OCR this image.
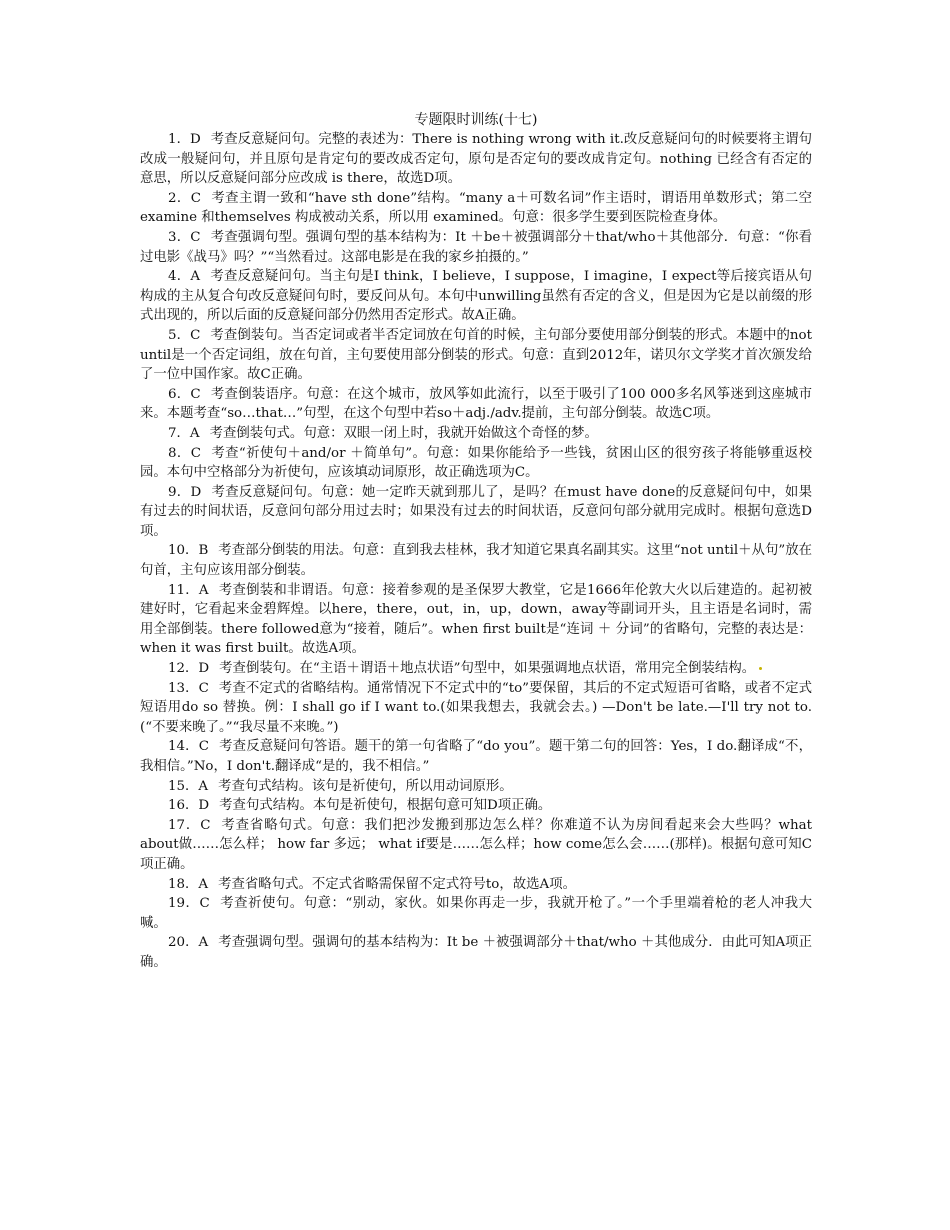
专题限时训练(十七)

1．D 考查反意疑问句。完整的表述为：There is nothing wrong with it.改反意疑问句的时候要将主谓句改成一般疑问句，并且原句是肯定句的要改成否定句，原句是否定句的要改成肯定句。nothing 已经含有否定的意思，所以反意疑问部分应改成 is there，故选D项。

2．C 考查主谓一致和“have sth done”结构。“many a＋可数名词”作主语时，谓语用单数形式；第二空examine 和themselves 构成被动关系，所以用 examined。句意：很多学生要到医院检查身体。

3．C 考查强调句型。强调句型的基本结构为：It ＋be＋被强调部分＋that/who＋其他部分．句意：“你看过电影《战马》吗？”“当然看过。这部电影是在我的家乡拍摄的。”

4．A 考查反意疑问句。当主句是I think，I believe，I suppose，I imagine，I expect等后接宾语从句构成的主从复合句改反意疑问句时，要反问从句。本句中unwilling虽然有否定的含义，但是因为它是以前缀的形式出现的，所以后面的反意疑问部分仍然用否定形式。故A正确。

5．C 考查倒装句。当否定词或者半否定词放在句首的时候，主句部分要使用部分倒装的形式。本题中的not until是一个否定词组，放在句首，主句要使用部分倒装的形式。句意：直到2012年，诺贝尔文学奖才首次颁发给了一位中国作家。故C正确。

6．C 考查倒装语序。句意：在这个城市，放风筝如此流行，以至于吸引了100 000多名风筝迷到这座城市来。本题考查“so…that…”句型，在这个句型中若so＋adj./adv.提前，主句部分倒装。故选C项。

7．A 考查倒装句式。句意：双眼一闭上时，我就开始做这个奇怪的梦。

8．C 考查“祈使句＋and/or ＋简单句”。句意：如果你能给予一些钱，贫困山区的很穷孩子将能够重返校园。本句中空格部分为祈使句，应该填动词原形，故正确选项为C。

9．D 考查反意疑问句。句意：她一定昨天就到那儿了，是吗？在must have done的反意疑问句中，如果有过去的时间状语，反意问句部分用过去时；如果没有过去的时间状语，反意问句部分就用完成时。根据句意选D项。

10．B 考查部分倒装的用法。句意：直到我去桂林，我才知道它果真名副其实。这里“not until＋从句”放在句首，主句应该用部分倒装。

11．A 考查倒装和非谓语。句意：接着参观的是圣保罗大教堂，它是1666年伦敦大火以后建造的。起初被建好时，它看起来金碧辉煌。以here，there，out，in，up，down，away等副词开头，且主语是名词时，需用全部倒装。there followed意为“接着，随后”。when first built是“连词 ＋ 分词”的省略句，完整的表达是：when it was first built。故选A项。

12．D 考查倒装句。在“主语＋谓语＋地点状语”句型中，如果强调地点状语，常用完全倒装结构。

13．C 考查不定式的省略结构。通常情况下不定式中的“to”要保留，其后的不定式短语可省略，或者不定式短语用do so 替换。例：I shall go if I want to.(如果我想去，我就会去。) —Don't be late.—I'll try not to.(“不要来晚了。”“我尽量不来晚。”)

14．C 考查反意疑问句答语。题干的第一句省略了“do you”。题干第二句的回答：Yes，I do.翻译成“不，我相信。”No，I don't.翻译成“是的，我不相信。”

15．A 考查句式结构。该句是祈使句，所以用动词原形。

16．D 考查句式结构。本句是祈使句，根据句意可知D项正确。

17．C 考查省略句式。句意：我们把沙发搬到那边怎么样？你难道不认为房间看起来会大些吗？what about做……怎么样； how far 多远； what if要是……怎么样；how come怎么会……(那样)。根据句意可知C项正确。

18．A 考查省略句式。不定式省略需保留不定式符号to，故选A项。

19．C 考查祈使句。句意：“别动，家伙。如果你再走一步，我就开枪了。”一个手里端着枪的老人冲我大喊。

20．A 考查强调句型。强调句的基本结构为：It be ＋被强调部分＋that/who ＋其他成分．由此可知A项正确。
